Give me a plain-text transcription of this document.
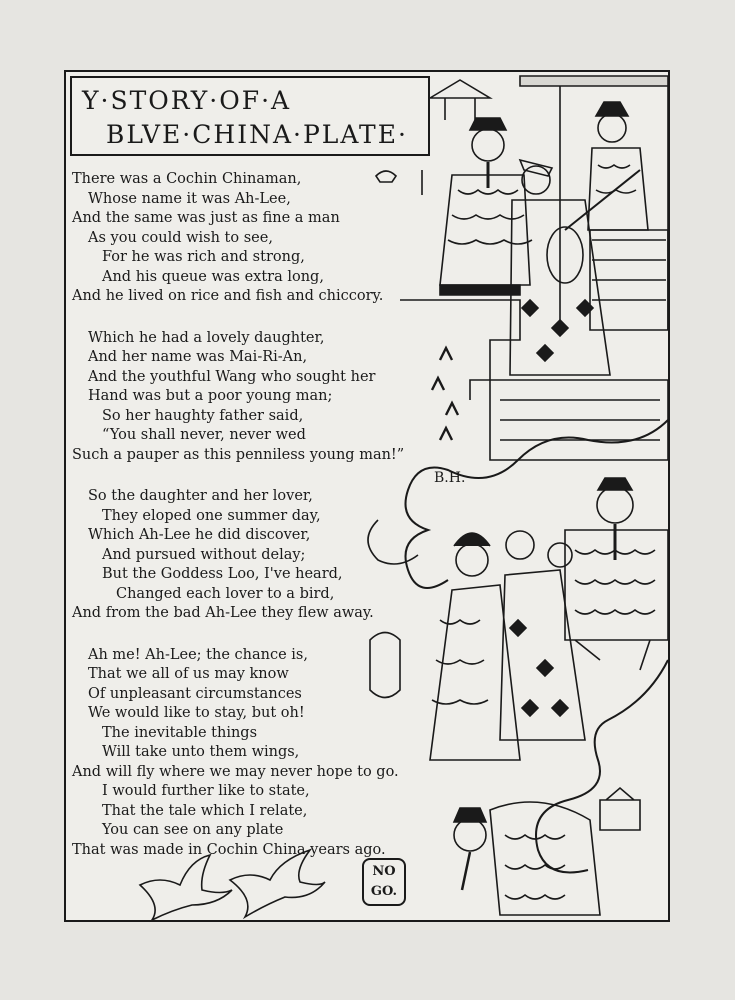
Y·STORY·OF·A
BLVE·CHINA·PLATE·
There was a Cochin Chinaman,
Whose name it was Ah-Lee,
And the same was just as fine a man
As you could wish to see,
For he was rich and strong,
And his queue was extra long,
And he lived on rice and fish and chiccory.
Which he had a lovely daughter,
And her name was Mai-Ri-An,
And the youthful Wang who sought her
Hand was but a poor young man;
So her haughty father said,
“You shall never, never wed
Such a pauper as this penniless young man!”
So the daughter and her lover,
They eloped one summer day,
Which Ah-Lee he did discover,
And pursued without delay;
But the Goddess Loo, I've heard,
Changed each lover to a bird,
And from the bad Ah-Lee they flew away.
Ah me! Ah-Lee; the chance is,
That we all of us may know
Of unpleasant circumstances
We would like to stay, but oh!
The inevitable things
Will take unto them wings,
And will fly where we may never hope to go.
I would further like to state,
That the tale which I relate,
You can see on any plate
That was made in Cochin China years ago.
B.H.
NO
GO.
